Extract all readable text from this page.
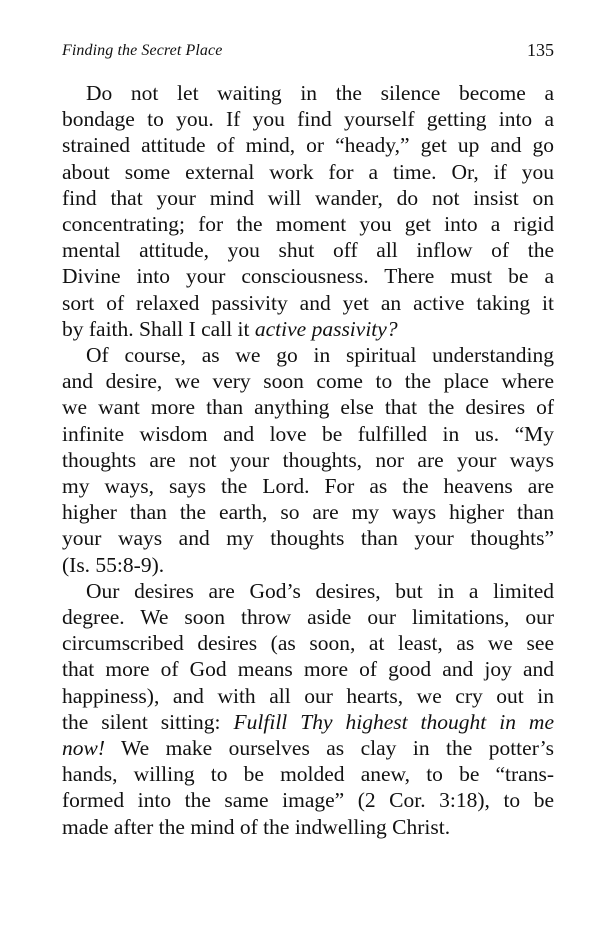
Finding the Secret Place	135
Do not let waiting in the silence become a
bondage to you. If you find yourself getting into a
strained attitude of mind, or “heady,” get up and go
about some external work for a time. Or, if you
find that your mind will wander, do not insist on
concentrating; for the moment you get into a rigid
mental attitude, you shut off all inflow of the
Divine into your consciousness. There must be a
sort of relaxed passivity and yet an active taking it
by faith. Shall I call it active passivity?
Of course, as we go in spiritual understanding
and desire, we very soon come to the place where
we want more than anything else that the desires of
infinite wisdom and love be fulfilled in us. “My
thoughts are not your thoughts, nor are your ways
my ways, says the Lord. For as the heavens are
higher than the earth, so are my ways higher than
your ways and my thoughts than your thoughts”
(Is. 55:8-9).
Our desires are God’s desires, but in a limited
degree. We soon throw aside our limitations, our
circumscribed desires (as soon, at least, as we see
that more of God means more of good and joy and
happiness), and with all our hearts, we cry out in
the silent sitting: Fulfill Thy highest thought in me
now! We make ourselves as clay in the potter’s
hands, willing to be molded anew, to be “trans-
formed into the same image” (2 Cor. 3:18), to be
made after the mind of the indwelling Christ.
